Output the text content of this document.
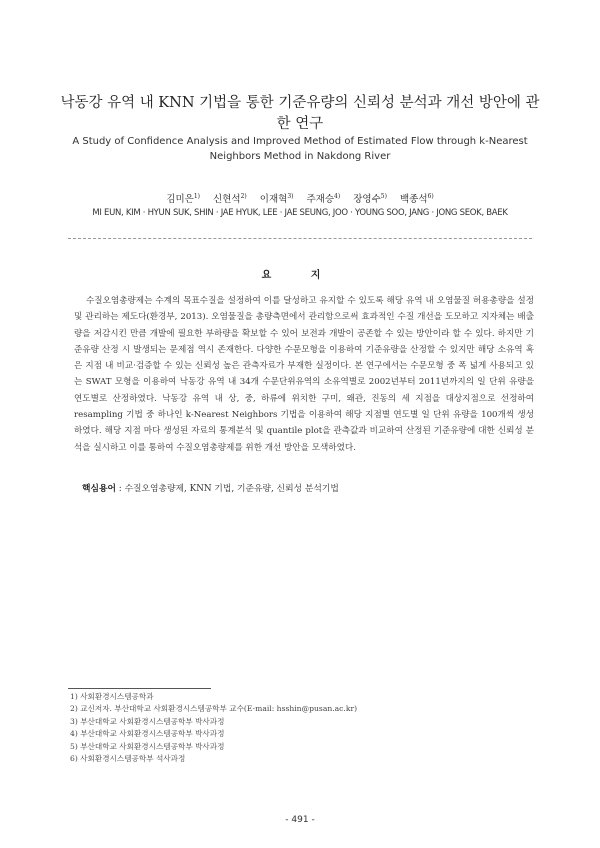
낙동강 유역 내 KNN 기법을 통한 기준유량의 신뢰성 분석과 개선 방안에 관한 연구
A Study of Confidence Analysis and Improved Method of Estimated Flow through k-Nearest Neighbors Method in Nakdong River
김미은$^{1)}$ 신현석$^{2)}$ 이재혁$^{3)}$ 주재승$^{4)}$ 장영수$^{5)}$ 백종석$^{6)}$
MI EUN, KIM · HYUN SUK, SHIN · JAE HYUK, LEE · JAE SEUNG, JOO · YOUNG SOO, JANG · JONG SEOK, BAEK
요 지

수질오염총량제는 수계의 목표수질을 설정하여 이를 달성하고 유지할 수 있도록 해당 유역 내 오염물질 허용총량을 설정 및 관리하는 제도다(환경부, 2013). 오염물질을 총량측면에서 관리함으로써 효과적인 수질 개선을 도모하고 지자체는 배출량을 저감시킨 만큼 개발에 필요한 부하량을 확보할 수 있어 보전과 개발이 공존할 수 있는 방안이라 할 수 있다. 하지만 기준유량 산정 시 발생되는 문제점 역시 존재한다. 다양한 수문모형을 이용하여 기준유량을 산정할 수 있지만 해당 소유역 혹은 지점 내 비교·검증할 수 있는 신뢰성 높은 관측자료가 부재한 실정이다. 본 연구에서는 수문모형 중 폭 넓게 사용되고 있는 SWAT 모형을 이용하여 낙동강 유역 내 34개 수문단위유역의 소유역별로 2002년부터 2011년까지의 일 단위 유량을 연도별로 산정하였다. 낙동강 유역 내 상, 중, 하류에 위치한 구미, 왜관, 진동의 세 지점을 대상지점으로 선정하여 resampling 기법 중 하나인 k-Nearest Neighbors 기법을 이용하여 해당 지점별 연도별 일 단위 유량을 100개씩 생성하였다. 해당 지점 마다 생성된 자료의 통계분석 및 quantile plot을 관측값과 비교하여 산정된 기준유량에 대한 신뢰성 분석을 실시하고 이를 통하여 수질오염총량제를 위한 개선 방안을 모색하였다.

핵심용어 : 수질오염총량제, KNN 기법, 기준유량, 신뢰성 분석기법
1) 사회환경시스템공학과
2) 교신저자. 부산대학교 사회환경시스템공학부 교수(E-mail: hsshin@pusan.ac.kr)
3) 부산대학교 사회환경시스템공학부 박사과정
4) 부산대학교 사회환경시스템공학부 박사과정
5) 부산대학교 사회환경시스템공학부 박사과정
6) 사회환경시스템공학부 석사과정
- 491 -
